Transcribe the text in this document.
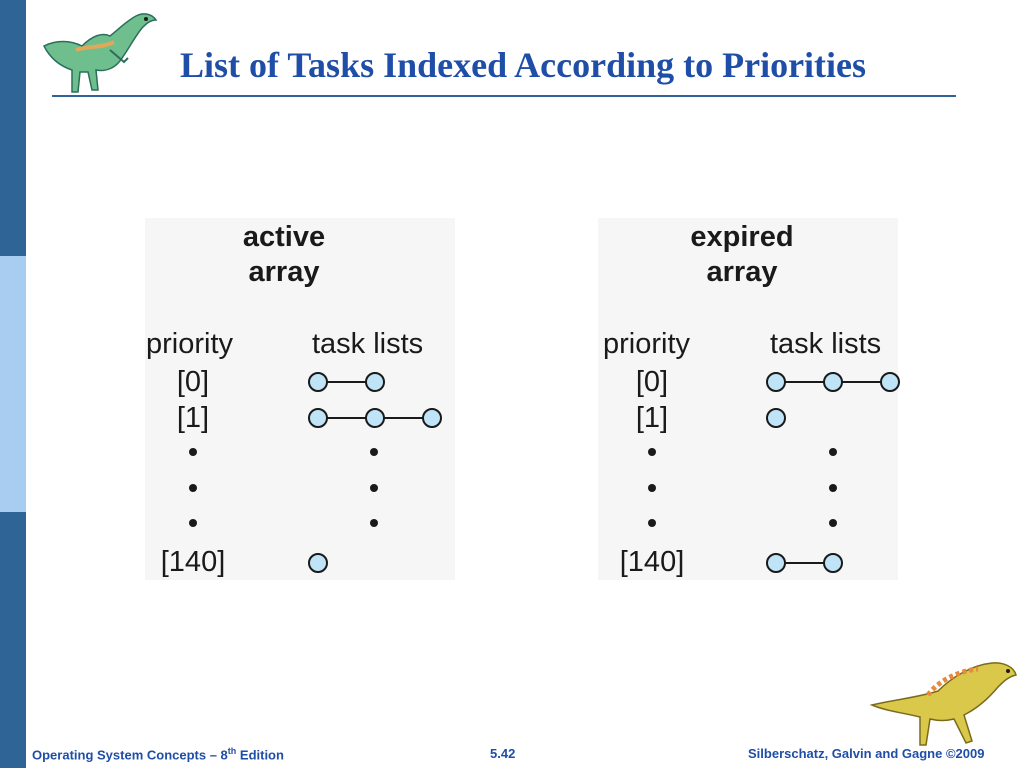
List of Tasks Indexed According to Priorities
active
array
priority	task lists
[0]
[1]
[140]
expired
array
priority	task lists
[0]
[1]
[140]
Operating System Concepts – 8th Edition	5.42	Silberschatz, Galvin and Gagne ©2009
